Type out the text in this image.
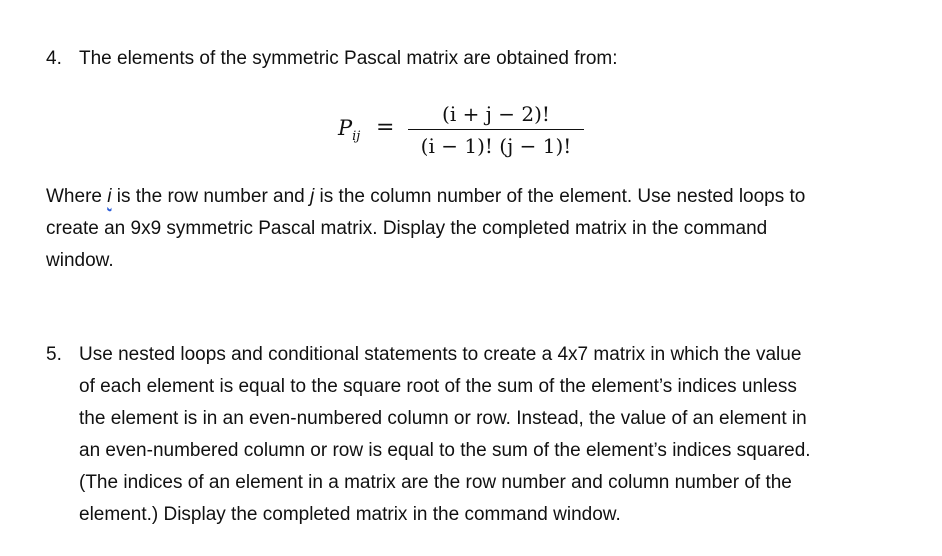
4. The elements of the symmetric Pascal matrix are obtained from:
$P_{ij}$ =
(i + j − 2)!
(i − 1)! (j − 1)!
Where i is the row number and j is the column number of the element. Use nested loops to
create an 9x9 symmetric Pascal matrix. Display the completed matrix in the command
window.
5. Use nested loops and conditional statements to create a 4x7 matrix in which the value
of each element is equal to the square root of the sum of the element’s indices unless
the element is in an even-numbered column or row. Instead, the value of an element in
an even-numbered column or row is equal to the sum of the element’s indices squared.
(The indices of an element in a matrix are the row number and column number of the
element.) Display the completed matrix in the command window.
